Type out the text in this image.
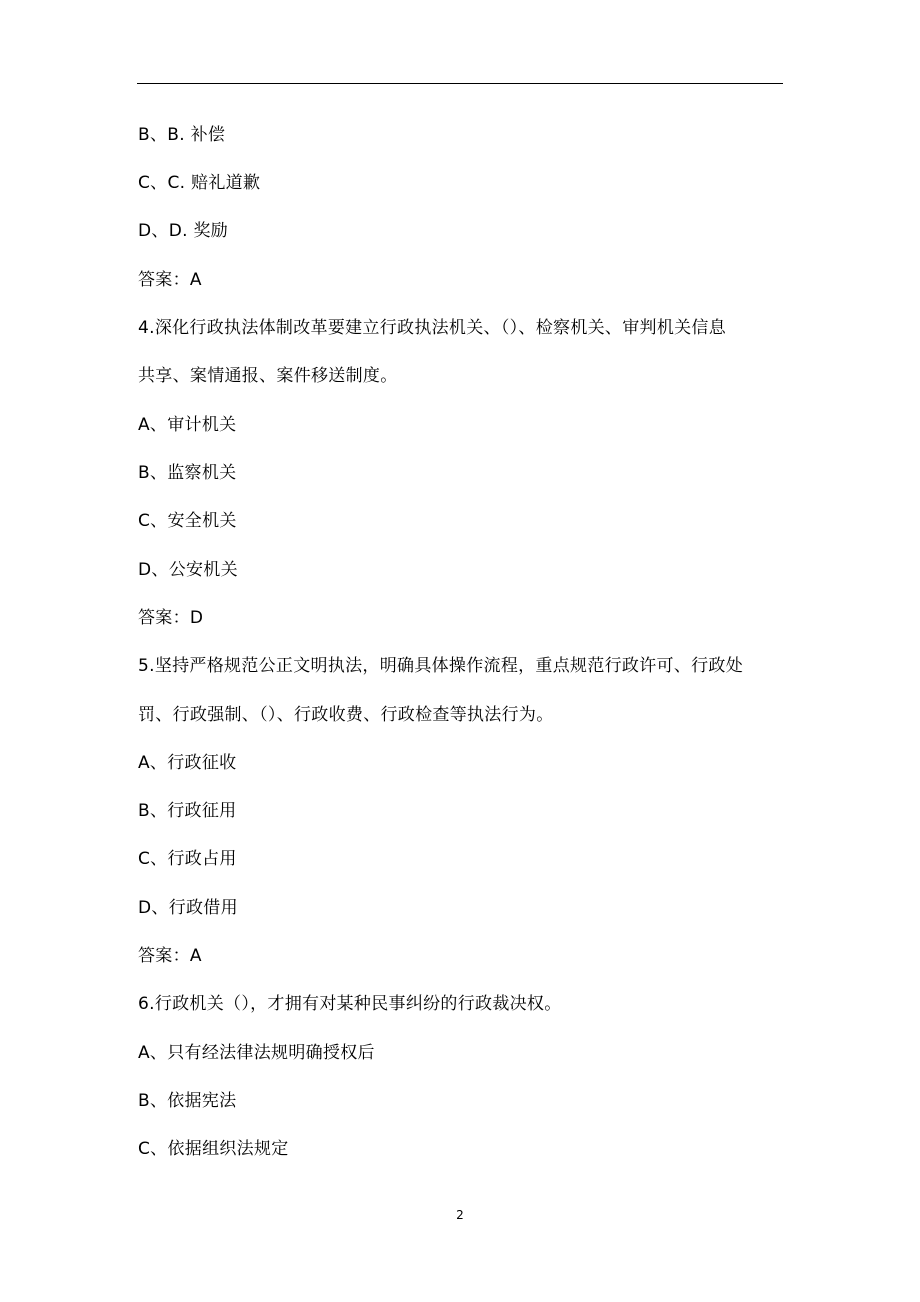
B、B. 补偿
C、C. 赔礼道歉
D、D. 奖励
答案：A
4.深化行政执法体制改革要建立行政执法机关、（）、检察机关、审判机关信息
共享、案情通报、案件移送制度。
A、审计机关
B、监察机关
C、安全机关
D、公安机关
答案：D
5.坚持严格规范公正文明执法，明确具体操作流程，重点规范行政许可、行政处
罚、行政强制、（）、行政收费、行政检查等执法行为。
A、行政征收
B、行政征用
C、行政占用
D、行政借用
答案：A
6.行政机关（），才拥有对某种民事纠纷的行政裁决权。
A、只有经法律法规明确授权后
B、依据宪法
C、依据组织法规定
2
